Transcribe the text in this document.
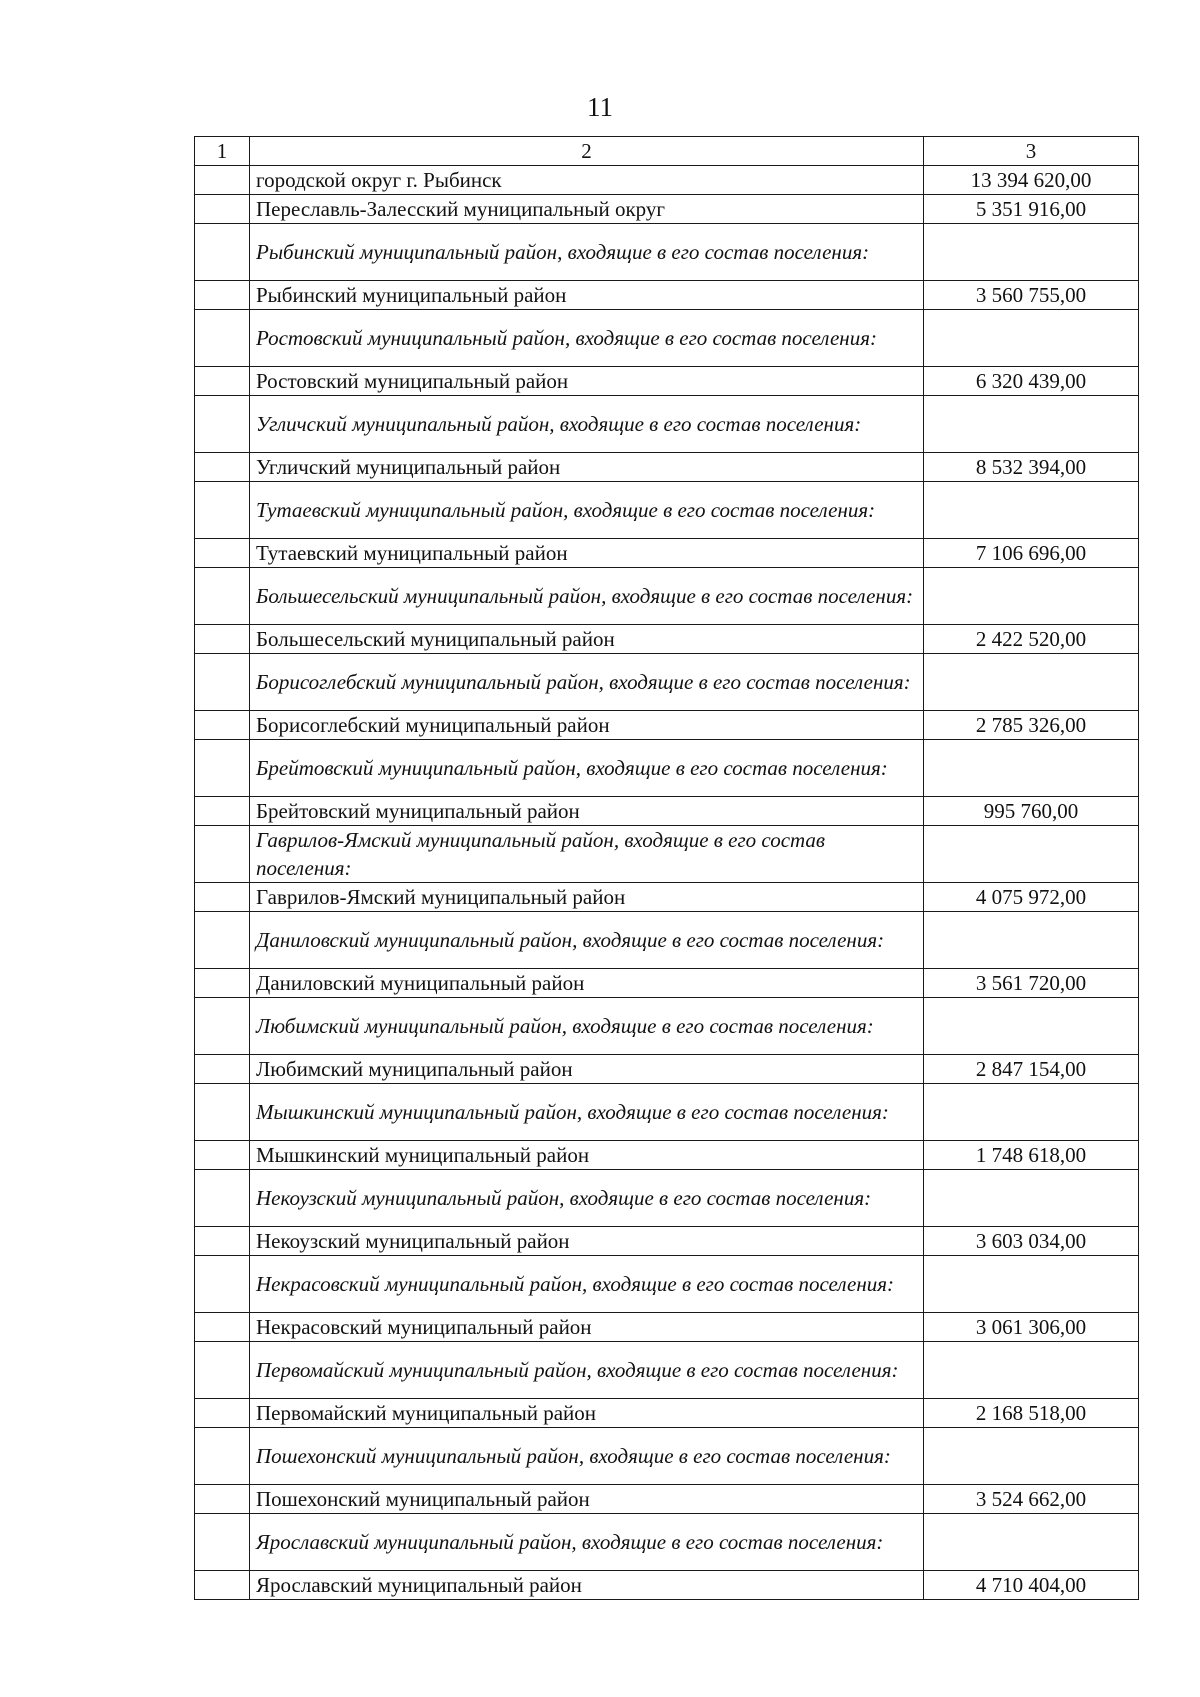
11
1	2	3
	городской округ г. Рыбинск	13 394 620,00
	Переславль-Залесский муниципальный округ	5 351 916,00
	Рыбинский муниципальный район, входящие в его состав поселения:	
	Рыбинский муниципальный район	3 560 755,00
	Ростовский муниципальный район, входящие в его состав поселения:	
	Ростовский муниципальный район	6 320 439,00
	Угличский муниципальный район, входящие в его состав поселения:	
	Угличский муниципальный район	8 532 394,00
	Тутаевский муниципальный район, входящие в его состав поселения:	
	Тутаевский муниципальный район	7 106 696,00
	Большесельский муниципальный район, входящие в его состав поселения:	
	Большесельский муниципальный район	2 422 520,00
	Борисоглебский муниципальный район, входящие в его состав поселения:	
	Борисоглебский муниципальный район	2 785 326,00
	Брейтовский муниципальный район, входящие в его состав поселения:	
	Брейтовский муниципальный район	995 760,00
	Гаврилов-Ямский муниципальный район, входящие в его состав поселения:	
	Гаврилов-Ямский муниципальный район	4 075 972,00
	Даниловский муниципальный район, входящие в его состав поселения:	
	Даниловский муниципальный район	3 561 720,00
	Любимский муниципальный район, входящие в его состав поселения:	
	Любимский муниципальный район	2 847 154,00
	Мышкинский муниципальный район, входящие в его состав поселения:	
	Мышкинский муниципальный район	1 748 618,00
	Некоузский муниципальный район, входящие в его состав поселения:	
	Некоузский муниципальный район	3 603 034,00
	Некрасовский муниципальный район, входящие в его состав поселения:	
	Некрасовский муниципальный район	3 061 306,00
	Первомайский муниципальный район, входящие в его состав поселения:	
	Первомайский муниципальный район	2 168 518,00
	Пошехонский муниципальный район, входящие в его состав поселения:	
	Пошехонский муниципальный район	3 524 662,00
	Ярославский муниципальный район, входящие в его состав поселения:	
	Ярославский муниципальный район	4 710 404,00
